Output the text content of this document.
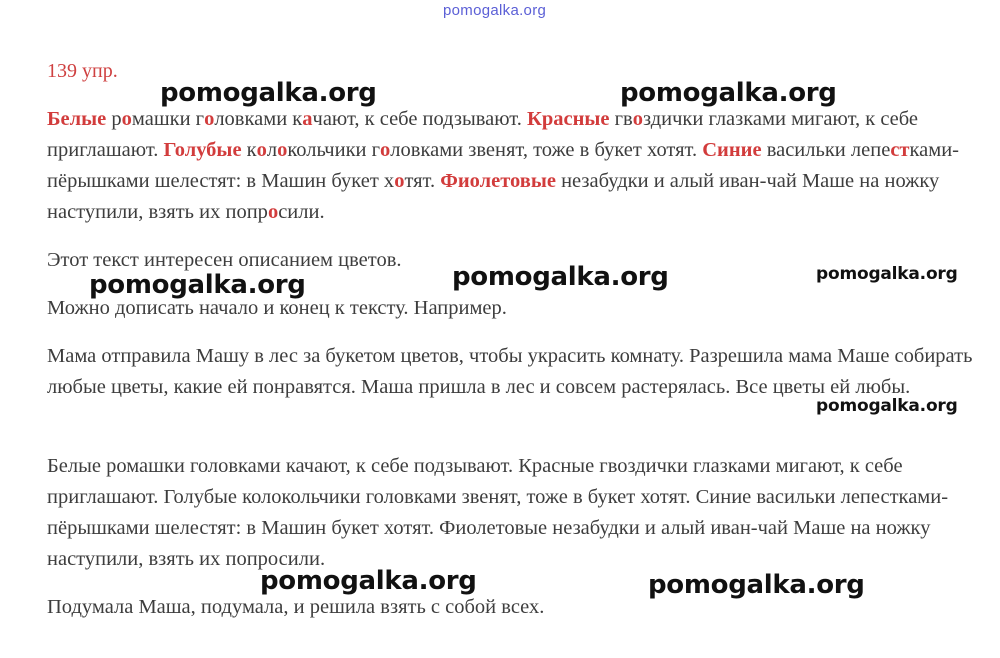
pomogalka.org
139 упр.

Белые ромашки головками качают, к себе подзывают. Красные гвоздички глазками мигают, к себе приглашают. Голубые колокольчики головками звенят, тоже в букет хотят. Синие васильки лепестками-пёрышками шелестят: в Машин букет хотят. Фиолетовые незабудки и алый иван-чай Маше на ножку наступили, взять их попросили.

Этот текст интересен описанием цветов.

Можно дописать начало и конец к тексту. Например.

Мама отправила Машу в лес за букетом цветов, чтобы украсить комнату. Разрешила мама Маше собирать любые цветы, какие ей понравятся. Маша пришла в лес и совсем растерялась. Все цветы ей любы.

Белые ромашки головками качают, к себе подзывают. Красные гвоздички глазками мигают, к себе приглашают. Голубые колокольчики головками звенят, тоже в букет хотят. Синие васильки лепестками-пёрышками шелестят: в Машин букет хотят. Фиолетовые незабудки и алый иван-чай Маше на ножку наступили, взять их попросили.

Подумала Маша, подумала, и решила взять с собой всех.

pomogalka.org	pomogalka.org
pomogalka.org	pomogalka.org	pomogalka.org
pomogalka.org
pomogalka.org	pomogalka.org
